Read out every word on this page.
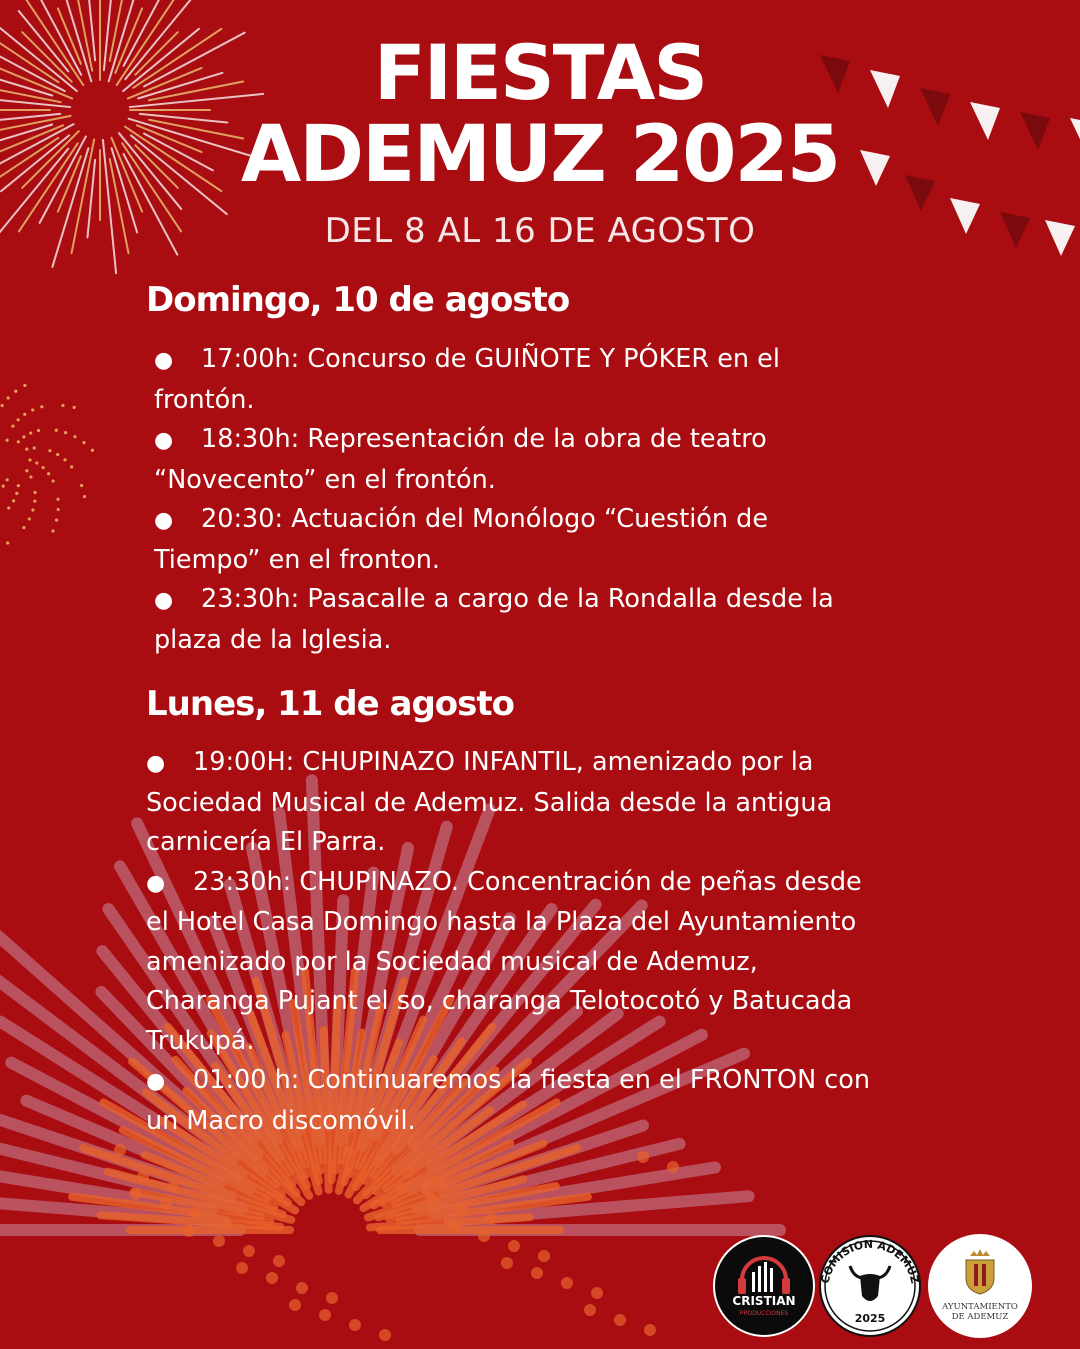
FIESTAS
ADEMUZ 2025
DEL 8 AL 16 DE AGOSTO
Domingo, 10 de agosto
● 17:00h: Concurso de GUIÑOTE Y PÓKER en el
frontón.
● 18:30h: Representación de la obra de teatro
“Novecento” en el frontón.
● 20:30: Actuación del Monólogo “Cuestión de
Tiempo” en el fronton.
● 23:30h: Pasacalle a cargo de la Rondalla desde la
plaza de la Iglesia.
Lunes, 11 de agosto
● 19:00H: CHUPINAZO INFANTIL, amenizado por la
Sociedad Musical de Ademuz. Salida desde la antigua
carnicería El Parra.
● 23:30h: CHUPINAZO. Concentración de peñas desde
el Hotel Casa Domingo hasta la Plaza del Ayuntamiento
amenizado por la Sociedad musical de Ademuz,
Charanga Pujant el so, charanga Telotocotó y Batucada
Trukupá.
● 01:00 h: Continuaremos la fiesta en el FRONTON con
un Macro discomóvil.
CRISTIAN
PRODUCCIONES
COMISION ADEMUZ
2025
AYUNTAMIENTO
DE ADEMUZ
